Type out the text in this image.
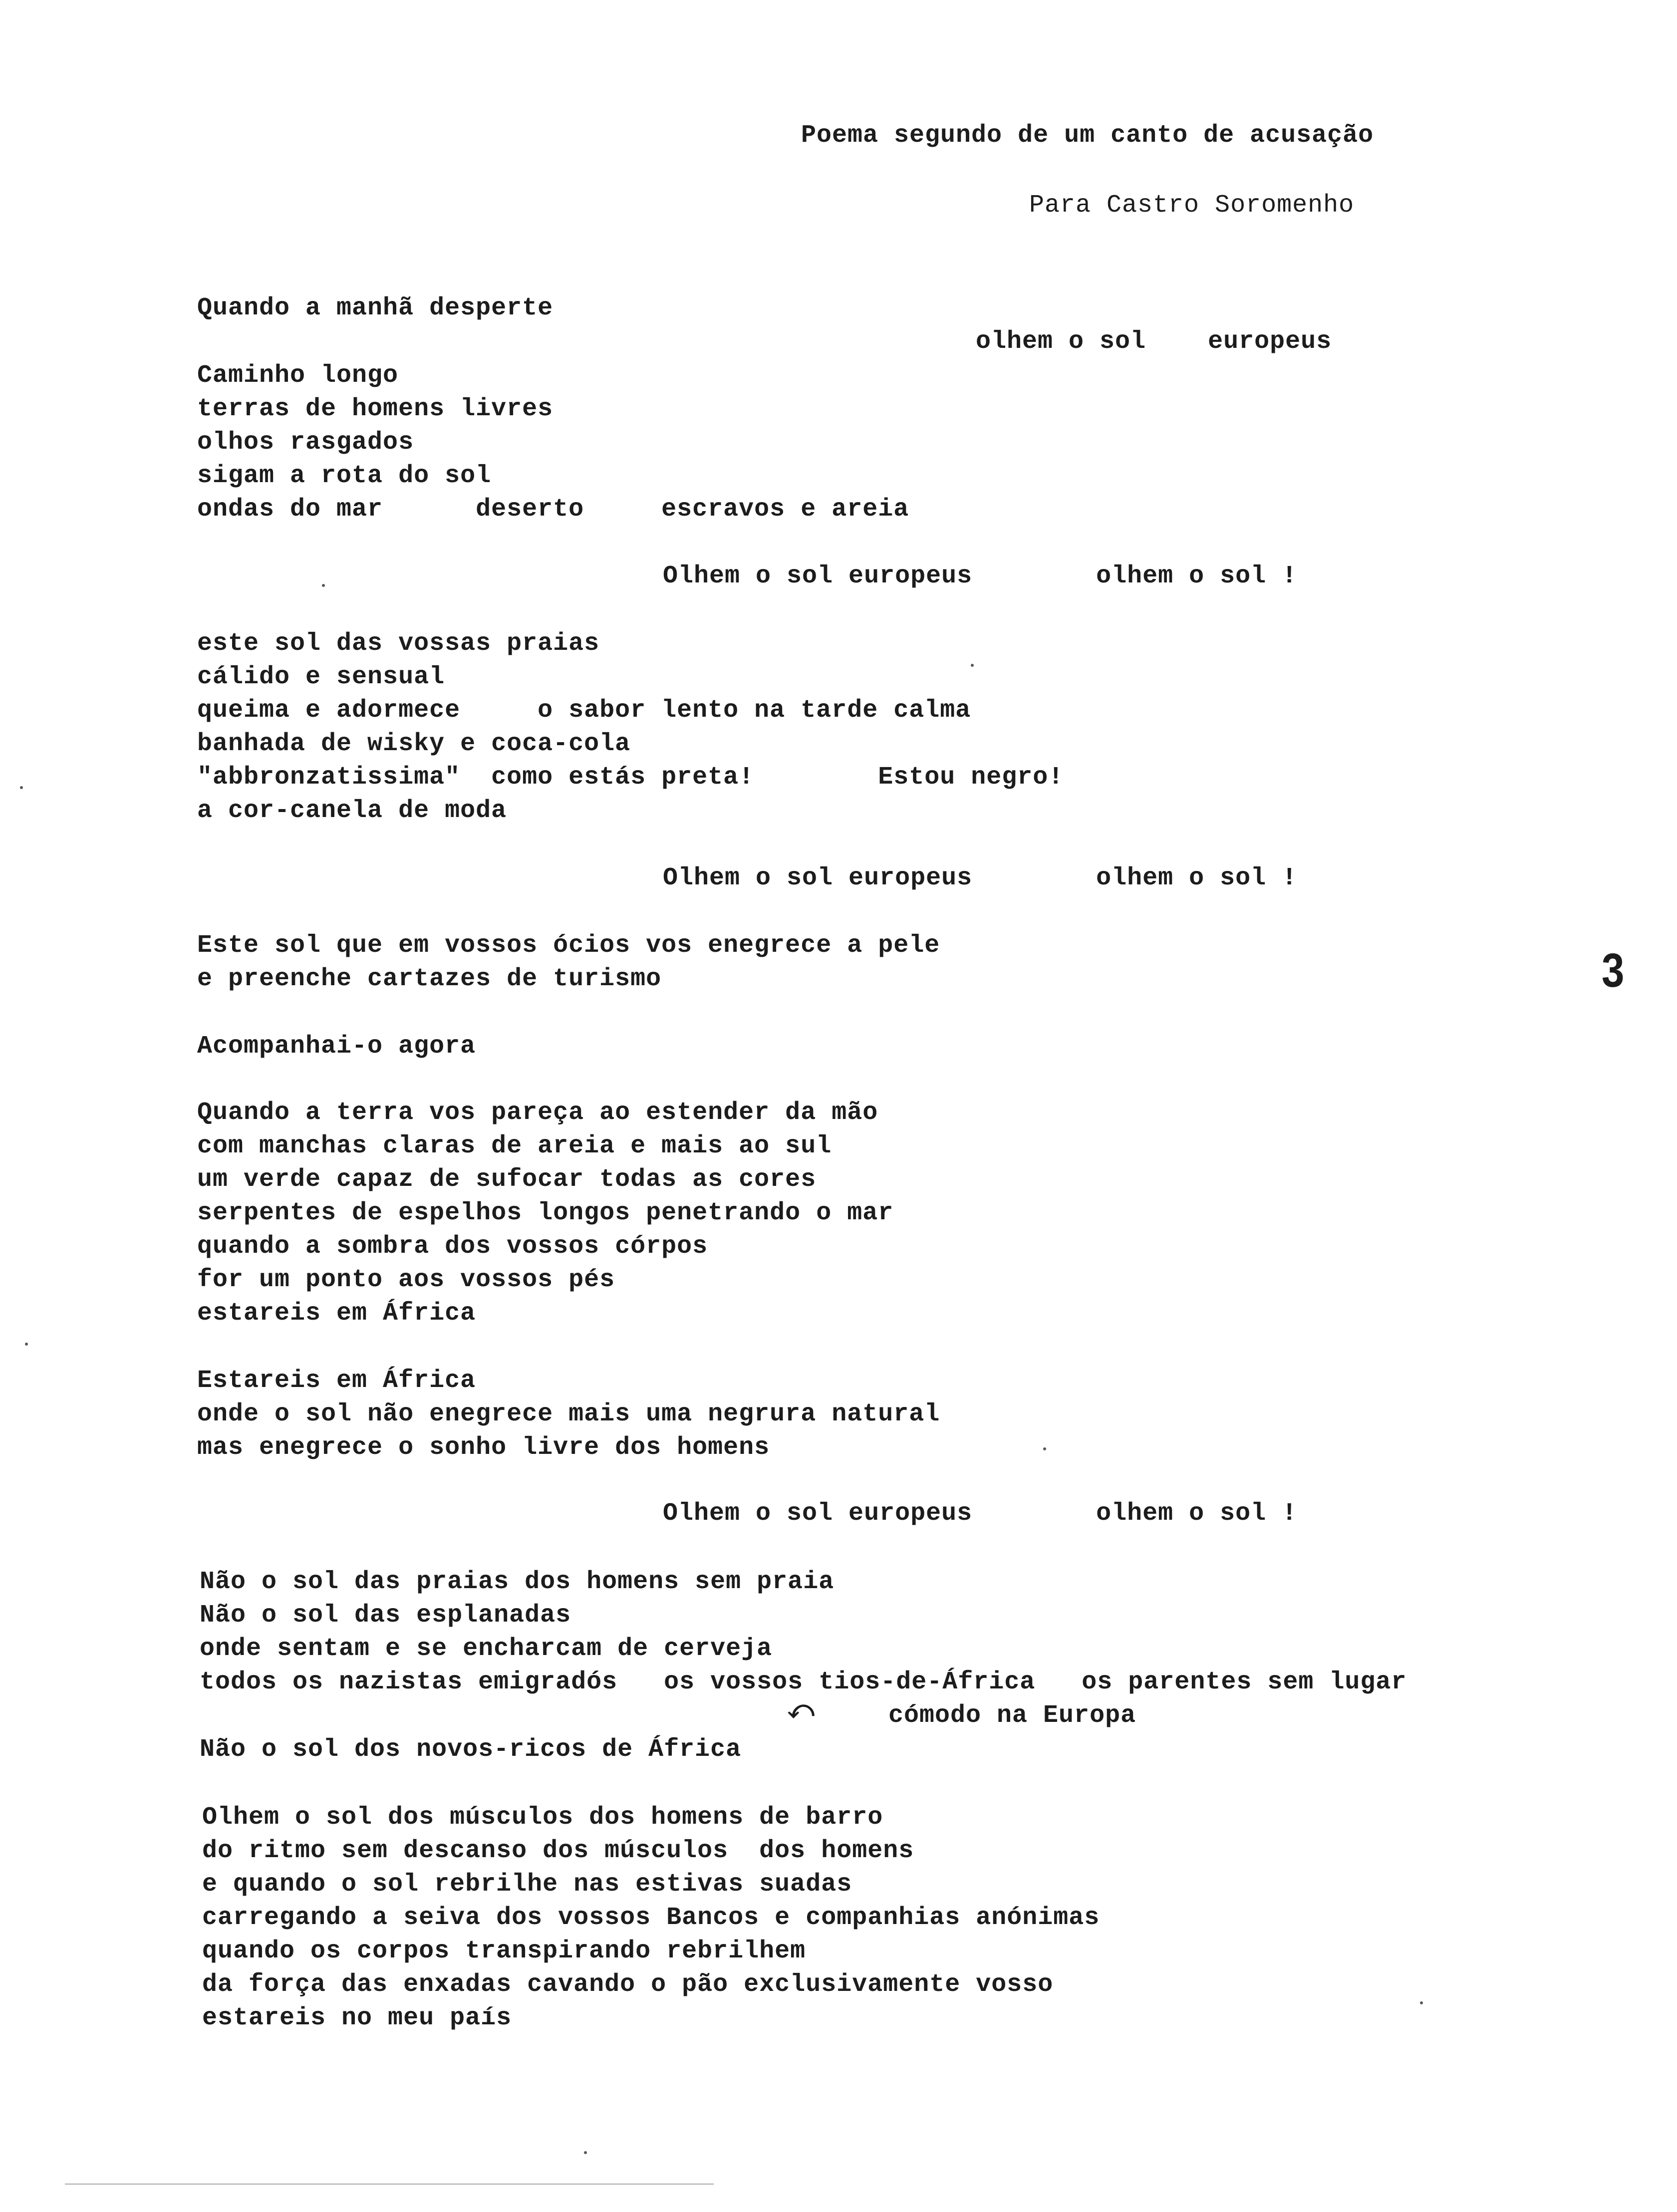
Poema segundo de um canto de acusação
Para Castro Soromenho
Quando a manhã desperte
olhem o sol    europeus
Caminho longo
terras de homens livres
olhos rasgados
sigam a rota do sol
ondas do mar      deserto     escravos e areia
Olhem o sol europeus        olhem o sol !
este sol das vossas praias
cálido e sensual
queima e adormece     o sabor lento na tarde calma
banhada de wisky e coca-cola
"abbronzatissima"  como estás preta!        Estou negro!
a cor-canela de moda
Olhem o sol europeus        olhem o sol !
Este sol que em vossos ócios vos enegrece a pele
e preenche cartazes de turismo	3
Acompanhai-o agora
Quando a terra vos pareça ao estender da mão
com manchas claras de areia e mais ao sul
um verde capaz de sufocar todas as cores
serpentes de espelhos longos penetrando o mar
quando a sombra dos vossos córpos
for um ponto aos vossos pés
estareis em África
Estareis em África
onde o sol não enegrece mais uma negrura natural
mas enegrece o sonho livre dos homens
Olhem o sol europeus        olhem o sol !
Não o sol das praias dos homens sem praia
Não o sol das esplanadas
onde sentam e se encharcam de cerveja
todos os nazistas emigradós   os vossos tios-de-África   os parentes sem lugar
⤺	cómodo na Europa
Não o sol dos novos-ricos de África
Olhem o sol dos músculos dos homens de barro
do ritmo sem descanso dos músculos  dos homens
e quando o sol rebrilhe nas estivas suadas
carregando a seiva dos vossos Bancos e companhias anónimas
quando os corpos transpirando rebrilhem
da força das enxadas cavando o pão exclusivamente vosso
estareis no meu país
